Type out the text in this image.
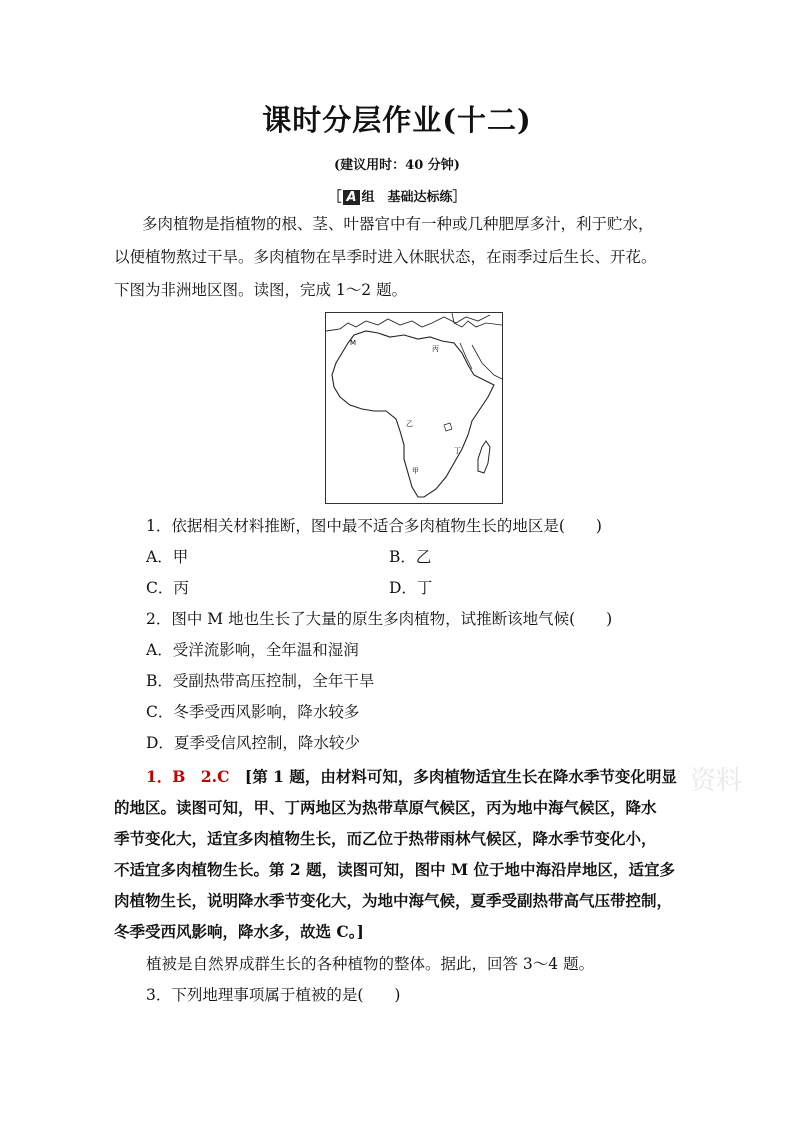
课时分层作业(十二)
(建议用时：40 分钟)
［ A 组　基础达标练］
多肉植物是指植物的根、茎、叶器官中有一种或几种肥厚多汁，利于贮水，
以便植物熬过干旱。多肉植物在旱季时进入休眠状态，在雨季过后生长、开花。
下图为非洲地区图。读图，完成 1～2 题。
M
丙
乙
丁
甲
1．依据相关材料推断，图中最不适合多肉植物生长的地区是(　　)
A．甲	B．乙
C．丙	D．丁
2．图中 M 地也生长了大量的原生多肉植物，试推断该地气候(　　)
A．受洋流影响，全年温和湿润
B．受副热带高压控制，全年干旱
C．冬季受西风影响，降水较多
D．夏季受信风控制，降水较少
1．B　2.C　[第 1 题，由材料可知，多肉植物适宜生长在降水季节变化明显
的地区。读图可知，甲、丁两地区为热带草原气候区，丙为地中海气候区，降水
季节变化大，适宜多肉植物生长，而乙位于热带雨林气候区，降水季节变化小，
不适宜多肉植物生长。第 2 题，读图可知，图中 M 位于地中海沿岸地区，适宜多
肉植物生长，说明降水季节变化大，为地中海气候，夏季受副热带高气压带控制，
冬季受西风影响，降水多，故选 C。]
植被是自然界成群生长的各种植物的整体。据此，回答 3～4 题。
3．下列地理事项属于植被的是(　　)
资料
